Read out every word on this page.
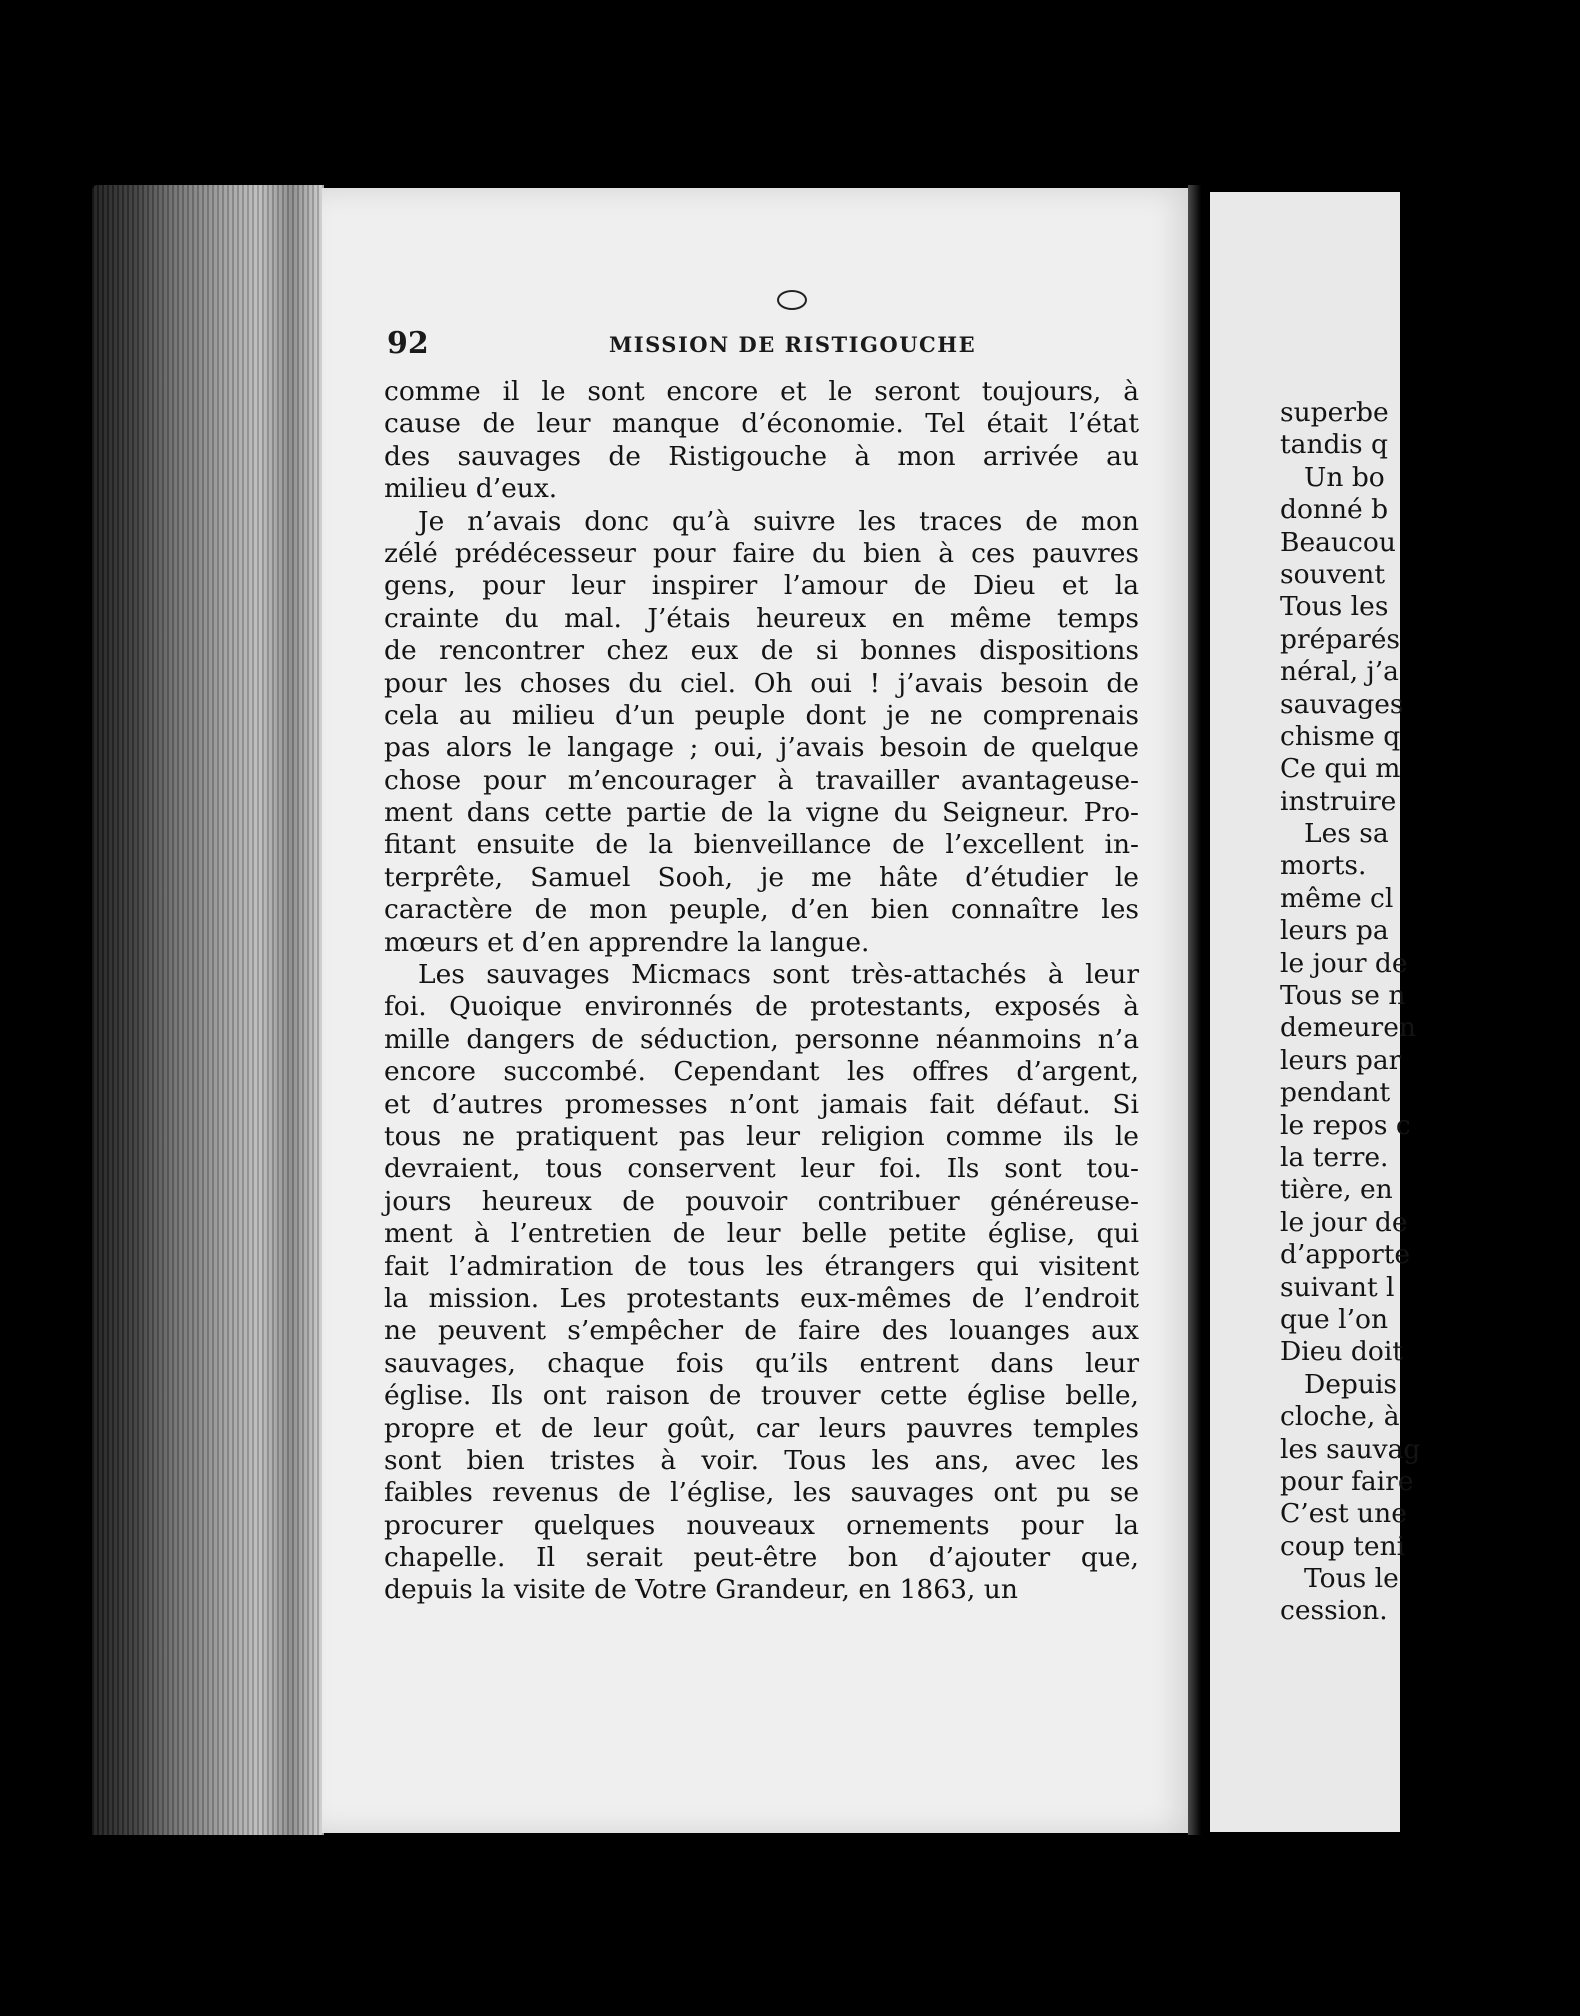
92	MISSION DE RISTIGOUCHE
comme il le sont encore et le seront toujours, à
cause de leur manque d’économie. Tel était l’état
des sauvages de Ristigouche à mon arrivée au
milieu d’eux.
Je n’avais donc qu’à suivre les traces de mon
zélé prédécesseur pour faire du bien à ces pauvres
gens, pour leur inspirer l’amour de Dieu et la
crainte du mal. J’étais heureux en même temps
de rencontrer chez eux de si bonnes dispositions
pour les choses du ciel. Oh oui ! j’avais besoin de
cela au milieu d’un peuple dont je ne comprenais
pas alors le langage ; oui, j’avais besoin de quelque
chose pour m’encourager à travailler avantageuse-
ment dans cette partie de la vigne du Seigneur. Pro-
fitant ensuite de la bienveillance de l’excellent in-
terprête, Samuel Sooh, je me hâte d’étudier le
caractère de mon peuple, d’en bien connaître les
mœurs et d’en apprendre la langue.
Les sauvages Micmacs sont très-attachés à leur
foi. Quoique environnés de protestants, exposés à
mille dangers de séduction, personne néanmoins n’a
encore succombé. Cependant les offres d’argent,
et d’autres promesses n’ont jamais fait défaut. Si
tous ne pratiquent pas leur religion comme ils le
devraient, tous conservent leur foi. Ils sont tou-
jours heureux de pouvoir contribuer généreuse-
ment à l’entretien de leur belle petite église, qui
fait l’admiration de tous les étrangers qui visitent
la mission. Les protestants eux-mêmes de l’endroit
ne peuvent s’empêcher de faire des louanges aux
sauvages, chaque fois qu’ils entrent dans leur
église. Ils ont raison de trouver cette église belle,
propre et de leur goût, car leurs pauvres temples
sont bien tristes à voir. Tous les ans, avec les
faibles revenus de l’église, les sauvages ont pu se
procurer quelques nouveaux ornements pour la
chapelle. Il serait peut-être bon d’ajouter que,
depuis la visite de Votre Grandeur, en 1863, un
superbe
tandis q
Un bo
donné b
Beaucou
souvent
Tous les
préparés
néral, j’a
sauvages
chisme q
Ce qui m
instruire
Les sa
morts.
même cl
leurs pa
le jour de
Tous se n
demeuren
leurs par
pendant
le repos c
la terre.
tière, en
le jour de
d’apporte
suivant l
que l’on
Dieu doit
Depuis
cloche, à
les sauvag
pour faire
C’est une
coup teni
Tous le
cession.
